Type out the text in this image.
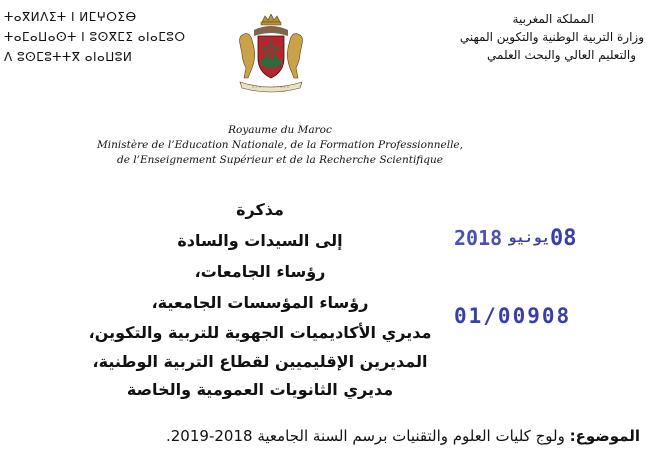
ⵜⴰⴳⵍⴷⵉⵜ ⵏ ⵍⵎⵖⵔⵉⴱ
ⵜⴰⵎⴰⵡⴰⵙⵜ ⵏ ⵓⵙⴳⵎⵉ ⴰⵏⴰⵎⵓⵔ
ⴷ ⵓⵙⵎⵓⵜⵜⴳ ⴰⵏⴰⵡⵓⵍ
المملكة المغربية
وزارة التربية الوطنية والتكوين المهني
والتعليم العالي والبحث العلمي
Royaume du Maroc
Ministère de l’Education Nationale, de la Formation Professionnelle,
de l’Enseignement Supérieur et de la Recherche Scientifique
مذكرة
إلى السيدات والسادة
رؤساء الجامعات،
رؤساء المؤسسات الجامعية،
مديري الأكاديميات الجهوية للتربية والتكوين،
المديرين الإقليميين لقطاع التربية الوطنية،
مديري الثانويات العمومية والخاصة
2018 يونيو 08
01/00908
الموضوع: ولوج كليات العلوم والتقنيات برسم السنة الجامعية 2018-2019.
